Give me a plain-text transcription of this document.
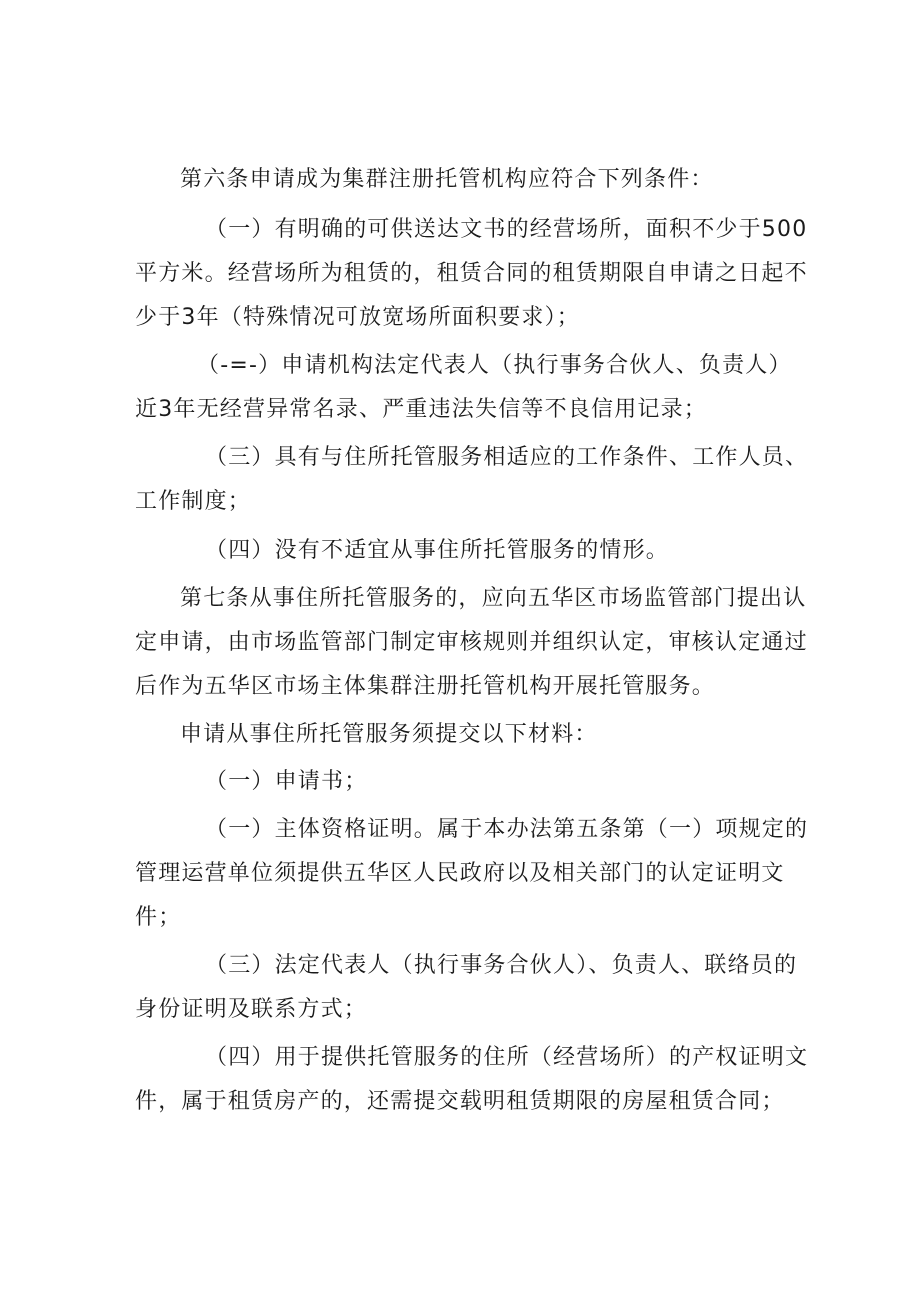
第六条申请成为集群注册托管机构应符合下列条件：

（一）有明确的可供送达文书的经营场所，面积不少于500

平方米。经营场所为租赁的，租赁合同的租赁期限自申请之日起不

少于3年（特殊情况可放宽场所面积要求）；

（-=-）申请机构法定代表人（执行事务合伙人、负责人）

近3年无经营异常名录、严重违法失信等不良信用记录；

（三）具有与住所托管服务相适应的工作条件、工作人员、

工作制度；

（四）没有不适宜从事住所托管服务的情形。

第七条从事住所托管服务的，应向五华区市场监管部门提出认

定申请，由市场监管部门制定审核规则并组织认定，审核认定通过

后作为五华区市场主体集群注册托管机构开展托管服务。

申请从事住所托管服务须提交以下材料：

（一）申请书；

（一）主体资格证明。属于本办法第五条第（一）项规定的

管理运营单位须提供五华区人民政府以及相关部门的认定证明文

件；

（三）法定代表人（执行事务合伙人）、负责人、联络员的

身份证明及联系方式；

（四）用于提供托管服务的住所（经营场所）的产权证明文

件，属于租赁房产的，还需提交载明租赁期限的房屋租赁合同；
